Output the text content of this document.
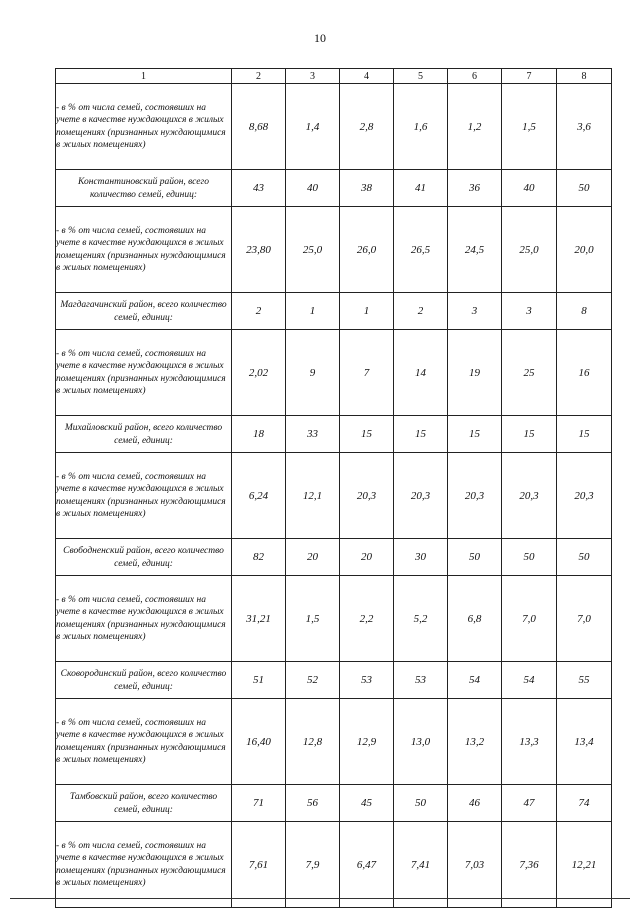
10
1	2	3	4	5	6	7	8
- в % от числа семей, состоявших на учете в качестве нуждающихся в жилых помещениях (признанных нуждающимися в жилых помещениях)	8,68	1,4	2,8	1,6	1,2	1,5	3,6
Константиновский район, всего количество семей, единиц:	43	40	38	41	36	40	50
- в % от числа семей, состоявших на учете в качестве нуждающихся в жилых помещениях (признанных нуждающимися в жилых помещениях)	23,80	25,0	26,0	26,5	24,5	25,0	20,0
Магдагачинский район, всего количество семей, единиц:	2	1	1	2	3	3	8
- в % от числа семей, состоявших на учете в качестве нуждающихся в жилых помещениях (признанных нуждающимися в жилых помещениях)	2,02	9	7	14	19	25	16
Михайловский район, всего количество семей, единиц:	18	33	15	15	15	15	15
- в % от числа семей, состоявших на учете в качестве нуждающихся в жилых помещениях (признанных нуждающимися в жилых помещениях)	6,24	12,1	20,3	20,3	20,3	20,3	20,3
Свободненский район, всего количество семей, единиц:	82	20	20	30	50	50	50
- в % от числа семей, состоявших на учете в качестве нуждающихся в жилых помещениях (признанных нуждающимися в жилых помещениях)	31,21	1,5	2,2	5,2	6,8	7,0	7,0
Сковородинский район, всего количество семей, единиц:	51	52	53	53	54	54	55
- в % от числа семей, состоявших на учете в качестве нуждающихся в жилых помещениях (признанных нуждающимися в жилых помещениях)	16,40	12,8	12,9	13,0	13,2	13,3	13,4
Тамбовский район, всего количество семей, единиц:	71	56	45	50	46	47	74
- в % от числа семей, состоявших на учете в качестве нуждающихся в жилых помещениях (признанных нуждающимися в жилых помещениях)	7,61	7,9	6,47	7,41	7,03	7,36	12,21
